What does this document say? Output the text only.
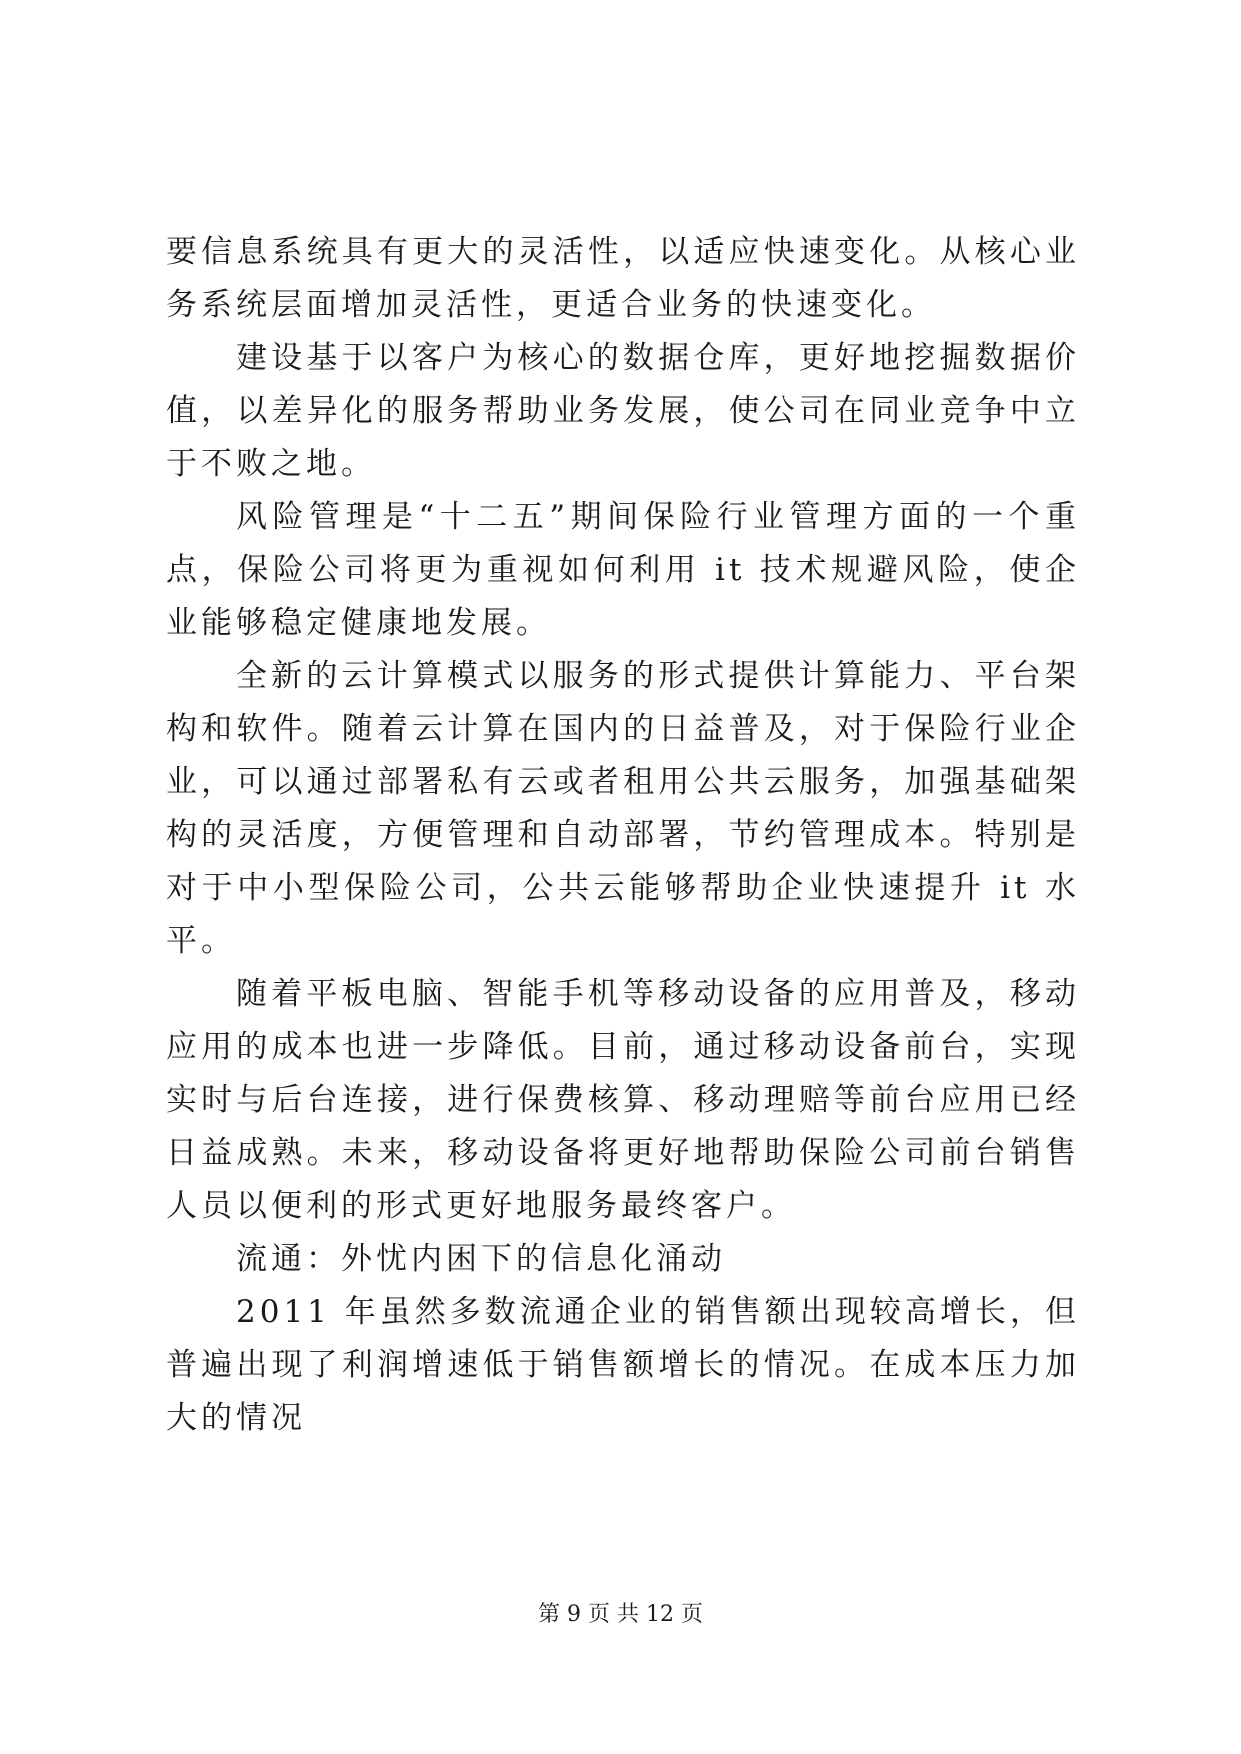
要信息系统具有更大的灵活性，以适应快速变化。从核心业务系统层面增加灵活性，更适合业务的快速变化。

建设基于以客户为核心的数据仓库，更好地挖掘数据价值，以差异化的服务帮助业务发展，使公司在同业竞争中立于不败之地。

风险管理是“十二五”期间保险行业管理方面的一个重点，保险公司将更为重视如何利用 it 技术规避风险，使企业能够稳定健康地发展。

全新的云计算模式以服务的形式提供计算能力、平台架构和软件。随着云计算在国内的日益普及，对于保险行业企业，可以通过部署私有云或者租用公共云服务，加强基础架构的灵活度，方便管理和自动部署，节约管理成本。特别是对于中小型保险公司，公共云能够帮助企业快速提升 it 水平。

随着平板电脑、智能手机等移动设备的应用普及，移动应用的成本也进一步降低。目前，通过移动设备前台，实现实时与后台连接，进行保费核算、移动理赔等前台应用已经日益成熟。未来，移动设备将更好地帮助保险公司前台销售人员以便利的形式更好地服务最终客户。

流通：外忧内困下的信息化涌动

2011 年虽然多数流通企业的销售额出现较高增长，但普遍出现了利润增速低于销售额增长的情况。在成本压力加大的情况

第 9 页 共 12 页
